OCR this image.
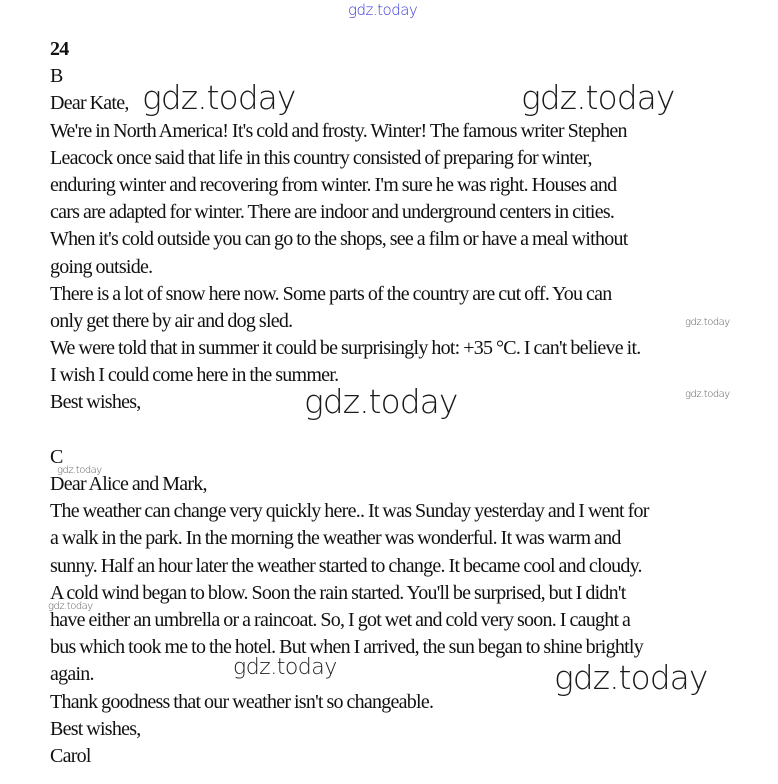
24
B
Dear Kate,
We're in North America! It's cold and frosty. Winter! The famous writer Stephen
Leacock once said that life in this country consisted of preparing for winter,
enduring winter and recovering from winter. I'm sure he was right. Houses and
cars are adapted for winter. There are indoor and underground centers in cities.
When it's cold outside you can go to the shops, see a film or have a meal without
going outside.
There is a lot of snow here now. Some parts of the country are cut off. You can
only get there by air and dog sled.
We were told that in summer it could be surprisingly hot: +35 °C. I can't believe it.
I wish I could come here in the summer.
Best wishes,
C
Dear Alice and Mark,
The weather can change very quickly here.. It was Sunday yesterday and I went for
a walk in the park. In the morning the weather was wonderful. It was warm and
sunny. Half an hour later the weather started to change. It became cool and cloudy.
A cold wind began to blow. Soon the rain started. You'll be surprised, but I didn't
have either an umbrella or a raincoat. So, I got wet and cold very soon. I caught a
bus which took me to the hotel. But when I arrived, the sun began to shine brightly
again.
Thank goodness that our weather isn't so changeable.
Best wishes,
Carol
gdz.today
gdz.today	gdz.today
gdz.today
gdz.today
gdz.today
gdz.today
gdz.today
gdz.today
gdz.today
